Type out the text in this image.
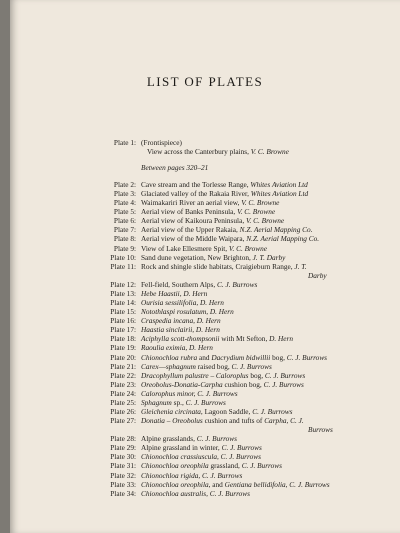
LIST OF PLATES
Plate 1: (Frontispiece)
View across the Canterbury plains, V. C. Browne
Between pages 320–21
Plate 2: Cave stream and the Torlesse Range, Whites Aviation Ltd
Plate 3: Glaciated valley of the Rakaia River, Whites Aviation Ltd
Plate 4: Waimakariri River an aerial view, V. C. Browne
Plate 5: Aerial view of Banks Peninsula, V. C. Browne
Plate 6: Aerial view of Kaikoura Peninsula, V. C. Browne
Plate 7: Aerial view of the Upper Rakaia, N.Z. Aerial Mapping Co.
Plate 8: Aerial view of the Middle Waipara, N.Z. Aerial Mapping Co.
Plate 9: View of Lake Ellesmere Spit, V. C. Browne
Plate 10: Sand dune vegetation, New Brighton, J. T. Darby
Plate 11: Rock and shingle slide habitats, Craigieburn Range, J. T.
Darby
Plate 12: Fell-field, Southern Alps, C. J. Burrows
Plate 13: Hebe Haastii, D. Hern
Plate 14: Ourisia sessilifolia, D. Hern
Plate 15: Notothlaspi rosulatum, D. Hern
Plate 16: Craspedia incana, D. Hern
Plate 17: Haastia sinclairii, D. Hern
Plate 18: Aciphylla scott-thompsonii with Mt Sefton, D. Hern
Plate 19: Raoulia eximia, D. Hern
Plate 20: Chionochloa rubra and Dacrydium bidwillii bog, C. J. Burrows
Plate 21: Carex—sphagnum raised bog, C. J. Burrows
Plate 22: Dracophyllum palustre – Caloroplus bog, C. J. Burrows
Plate 23: Oreobolus-Donatia-Carpha cushion bog, C. J. Burrows
Plate 24: Calorophus minor, C. J. Burrows
Plate 25: Sphagnum sp., C. J. Burrows
Plate 26: Gleichenia circinata, Lagoon Saddle, C. J. Burrows
Plate 27: Donatia – Oreobolus cushion and tufts of Carpha, C. J.
Burrows
Plate 28: Alpine grasslands, C. J. Burrows
Plate 29: Alpine grassland in winter, C. J. Burrows
Plate 30: Chionochloa crassiuscula, C. J. Burrows
Plate 31: Chionochloa oreophila grassland, C. J. Burrows
Plate 32: Chionochloa rigida, C. J. Burrows
Plate 33: Chionochloa oreophila, and Gentiana bellidifolia, C. J. Burrows
Plate 34: Chionochloa australis, C. J. Burrows
